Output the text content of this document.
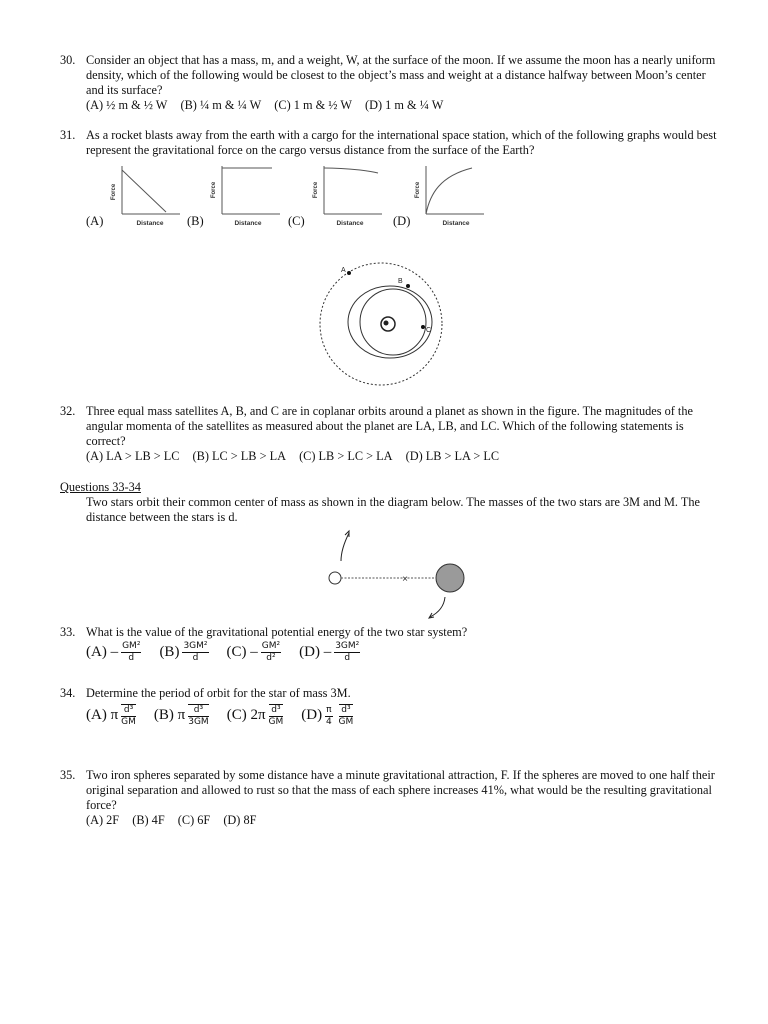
30. Consider an object that has a mass, m, and a weight, W, at the surface of the moon. If we assume the moon has a nearly uniform density, which of the following would be closest to the object’s mass and weight at a distance halfway between Moon’s center and its surface?
(A) ½ m & ½ W (B) ¼ m & ¼ W (C) 1 m & ½ W (D) 1 m & ¼ W
31. As a rocket blasts away from the earth with a cargo for the international space station, which of the following graphs would best represent the gravitational force on the cargo versus distance from the surface of the Earth?
(A)
Force
Distance (B)
Force
Distance (C)
Force
Distance (D)
Force
Distance
A
B
C
32. Three equal mass satellites A, B, and C are in coplanar orbits around a planet as shown in the figure. The magnitudes of the angular momenta of the satellites as measured about the planet are LA, LB, and LC. Which of the following statements is correct?
(A) LA > LB > LC (B) LC > LB > LA (C) LB > LC > LA (D) LB > LA > LC
Questions 33-34
Two stars orbit their common center of mass as shown in the diagram below. The masses of the two stars are 3M and M. The distance between the stars is d.
×
33. What is the value of the gravitational potential energy of the two star system?
$(A) - \frac{\text{GM²}}{d} (B) \frac{\text{3GM²}}{d} (C) - \frac{\text{GM²}}{\text{d²}} (D) - \frac{\text{3GM²}}{d}$
34. Determine the period of orbit for the star of mass 3M.
(A) π $\frac{\text{d³}}{GM} (B)$ π $\frac{\text{d³}}{3GM} (C)$ $2\pi \frac{\text{d³}}{GM} (D) \frac{\pi}{4} \frac{\text{d³}}{GM}$
35. Two iron spheres separated by some distance have a minute gravitational attraction, F. If the spheres are moved to one half their original separation and allowed to rust so that the mass of each sphere increases 41%, what would be the resulting gravitational force?
(A) 2F (B) 4F (C) 6F (D) 8F
